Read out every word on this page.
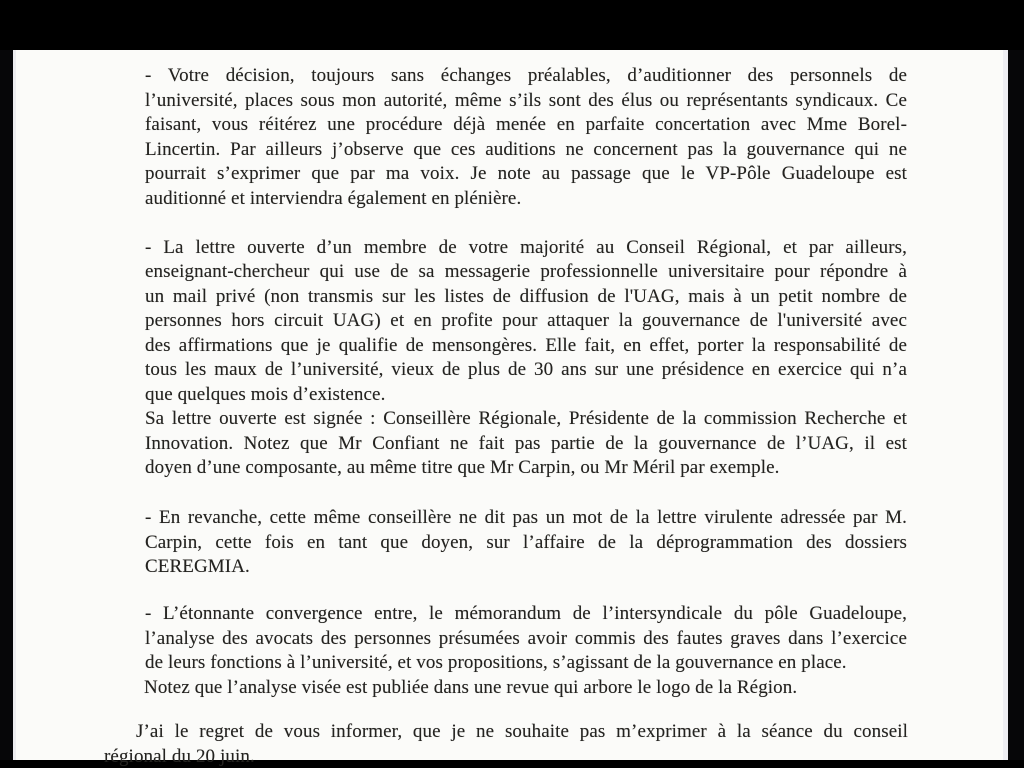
- Votre décision, toujours sans échanges préalables, d’auditionner des personnels de
l’université, places sous mon autorité, même s’ils sont des élus ou représentants syndicaux. Ce
faisant, vous réitérez une procédure déjà menée en parfaite concertation avec Mme Borel-
Lincertin. Par ailleurs j’observe que ces auditions ne concernent pas la gouvernance qui ne
pourrait s’exprimer que par ma voix. Je note au passage que le VP-Pôle Guadeloupe est
auditionné et interviendra également en plénière.
- La lettre ouverte d’un membre de votre majorité au Conseil Régional, et par ailleurs,
enseignant-chercheur qui use de sa messagerie professionnelle universitaire pour répondre à
un mail privé (non transmis sur les listes de diffusion de l'UAG, mais à un petit nombre de
personnes hors circuit UAG) et en profite pour attaquer la gouvernance de l'université avec
des affirmations que je qualifie de mensongères. Elle fait, en effet, porter la responsabilité de
tous les maux de l’université, vieux de plus de 30 ans sur une présidence en exercice qui n’a
que quelques mois d’existence.
Sa lettre ouverte est signée : Conseillère Régionale, Présidente de la commission Recherche et
Innovation. Notez que Mr Confiant ne fait pas partie de la gouvernance de l’UAG, il est
doyen d’une composante, au même titre que Mr Carpin, ou Mr Méril par exemple.
- En revanche, cette même conseillère ne dit pas un mot de la lettre virulente adressée par M.
Carpin, cette fois en tant que doyen, sur l’affaire de la déprogrammation des dossiers
CEREGMIA.
- L’étonnante convergence entre, le mémorandum de l’intersyndicale du pôle Guadeloupe,
l’analyse des avocats des personnes présumées avoir commis des fautes graves dans l’exercice
de leurs fonctions à l’université, et vos propositions, s’agissant de la gouvernance en place.
Notez que l’analyse visée est publiée dans une revue qui arbore le logo de la Région.
J’ai le regret de vous informer, que je ne souhaite pas m’exprimer à la séance du conseil
régional du 20 juin.
